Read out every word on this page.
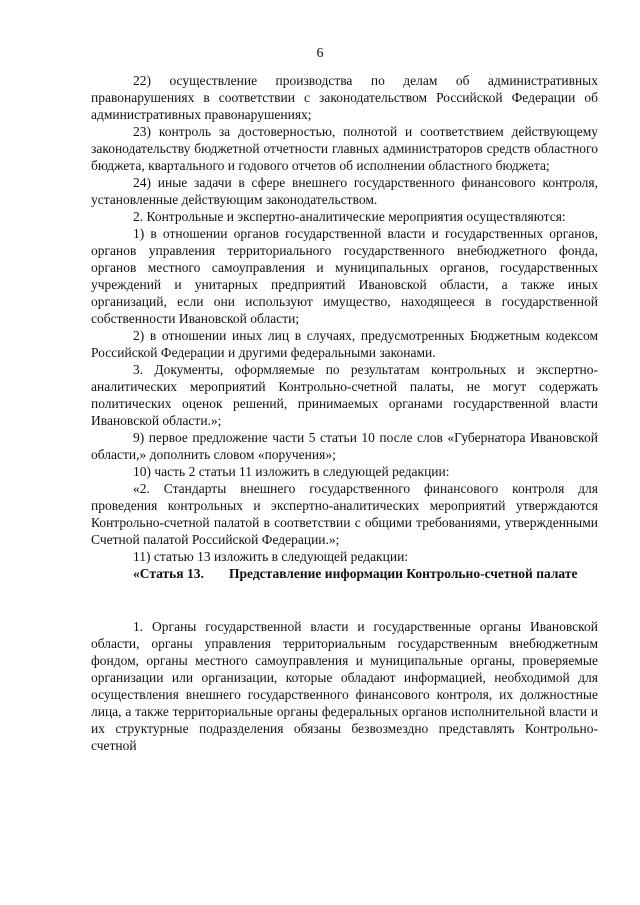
6

22) осуществление производства по делам об административных правонарушениях в соответствии с законодательством Российской Федерации об административных правонарушениях;

23) контроль за достоверностью, полнотой и соответствием действующему законодательству бюджетной отчетности главных администраторов средств областного бюджета, квартального и годового отчетов об исполнении областного бюджета;

24) иные задачи в сфере внешнего государственного финансового контроля, установленные действующим законодательством.

2. Контрольные и экспертно-аналитические мероприятия осуществляются:

1) в отношении органов государственной власти и государственных органов, органов управления территориального государственного внебюджетного фонда, органов местного самоуправления и муниципальных органов, государственных учреждений и унитарных предприятий Ивановской области, а также иных организаций, если они используют имущество, находящееся в государственной собственности Ивановской области;

2) в отношении иных лиц в случаях, предусмотренных Бюджетным кодексом Российской Федерации и другими федеральными законами.

3. Документы, оформляемые по результатам контрольных и экспертно-аналитических мероприятий Контрольно-счетной палаты, не могут содержать политических оценок решений, принимаемых органами государственной власти Ивановской области.»;

9) первое предложение части 5 статьи 10 после слов «Губернатора Ивановской области,» дополнить словом «поручения»;

10) часть 2 статьи 11 изложить в следующей редакции:

«2. Стандарты внешнего государственного финансового контроля для проведения контрольных и экспертно-аналитических мероприятий утверждаются Контрольно-счетной палатой в соответствии с общими требованиями, утвержденными Счетной палатой Российской Федерации.»;

11) статью 13 изложить в следующей редакции:

«Статья 13.	Представление информации Контрольно-счетной палате

1. Органы государственной власти и государственные органы Ивановской области, органы управления территориальным государственным внебюджетным фондом, органы местного самоуправления и муниципальные органы, проверяемые организации или организации, которые обладают информацией, необходимой для осуществления внешнего государственного финансового контроля, их должностные лица, а также территориальные органы федеральных органов исполнительной власти и их структурные подразделения обязаны безвозмездно представлять Контрольно-счетной
